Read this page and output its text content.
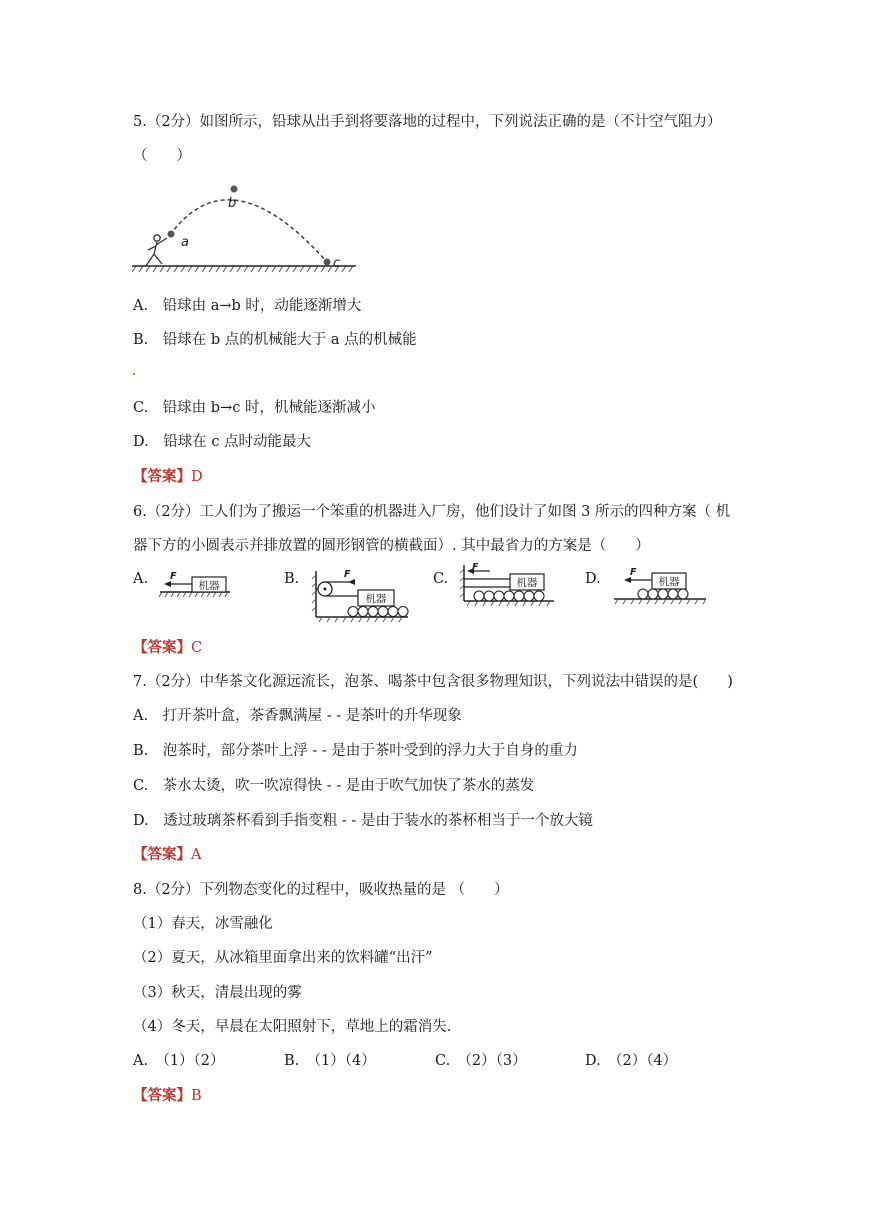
5.（2分）如图所示，铅球从出手到将要落地的过程中，下列说法正确的是（不计空气阻力）
（　　）
a
b
c
A.　铅球由 a→b 时，动能逐渐增大
B.　铅球在 b 点的机械能大于 a 点的机械能
C.　铅球由 b→c 时，机械能逐渐减小
D.　铅球在 c 点时动能最大
【答案】D
6.（2分）工人们为了搬运一个笨重的机器进入厂房，他们设计了如图 3 所示的四种方案（ 机
器下方的小圆表示并排放置的圆形钢管的横截面）. 其中最省力的方案是（　　）
A.	机器
F	B.	F
机器
C.
F
机器	D.	机器
F
【答案】C
7.（2分）中华茶文化源远流长，泡茶、喝茶中包含很多物理知识，下列说法中错误的是(　　)
A.　打开茶叶盒，茶香飘满屋 - - 是茶叶的升华现象
B.　泡茶时，部分茶叶上浮 - - 是由于茶叶受到的浮力大于自身的重力
C.　茶水太烫，吹一吹凉得快 - - 是由于吹气加快了茶水的蒸发
D.　透过玻璃茶杯看到手指变粗 - - 是由于装水的茶杯相当于一个放大镜
【答案】A
8.（2分）下列物态变化的过程中，吸收热量的是 （　　）
（1）春天，冰雪融化
（2）夏天，从冰箱里面拿出来的饮料罐“出汗”
（3）秋天，清晨出现的雾
（4）冬天，早晨在太阳照射下，草地上的霜消失.
A.　（1）（2）	B.　（1）（4）	C.　（2）（3）	D.　（2）（4）
【答案】B
